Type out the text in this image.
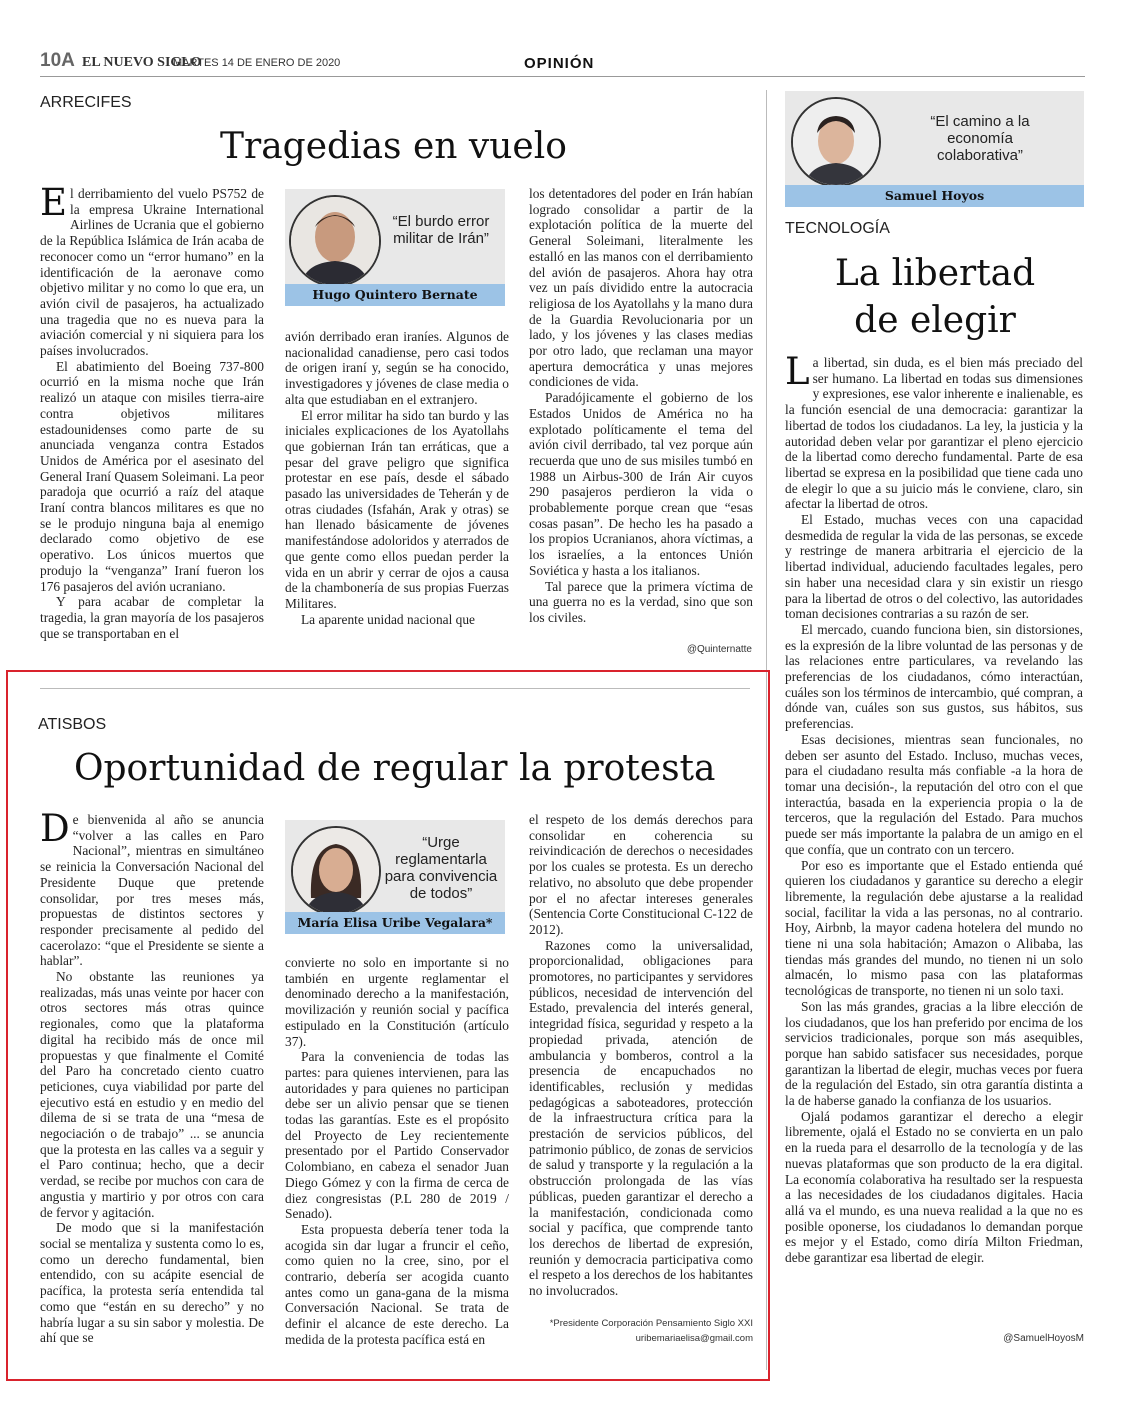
10A EL NUEVO SIGLO
MARTES 14 DE ENERO DE 2020	OPINIÓN
ARRECIFES
Tragedias en vuelo
“El burdo error militar de Irán”
Hugo Quintero Bernate

El derribamiento del vuelo PS752 de la empresa Ukraine International Airlines de Ucrania que el gobierno de la República Islámica de Irán acaba de reconocer como un “error humano” en la identificación de la aeronave como objetivo militar y no como lo que era, un avión civil de pasajeros, ha actualizado una tragedia que no es nueva para la aviación comercial y ni siquiera para los países involucrados.

El abatimiento del Boeing 737-800 ocurrió en la misma noche que Irán realizó un ataque con misiles tierra-aire contra objetivos militares estadounidenses como parte de su anunciada venganza contra Estados Unidos de América por el asesinato del General Iraní Quasem Soleimani. La peor paradoja que ocurrió a raíz del ataque Iraní contra blancos militares es que no se le produjo ninguna baja al enemigo declarado como objetivo de ese operativo. Los únicos muertos que produjo la “venganza” Iraní fueron los 176 pasajeros del avión ucraniano.

Y para acabar de completar la tragedia, la gran mayoría de los pasajeros que se transportaban en el

avión derribado eran iraníes. Algunos de nacionalidad canadiense, pero casi todos de origen iraní y, según se ha conocido, investigadores y jóvenes de clase media o alta que estudiaban en el extranjero.

El error militar ha sido tan burdo y las iniciales explicaciones de los Ayatollahs que gobiernan Irán tan erráticas, que a pesar del grave peligro que significa protestar en ese país, desde el sábado pasado las universidades de Teherán y de otras ciudades (Isfahán, Arak y otras) se han llenado básicamente de jóvenes manifestándose adoloridos y aterrados de que gente como ellos puedan perder la vida en un abrir y cerrar de ojos a causa de la chambonería de sus propias Fuerzas Militares.

La aparente unidad nacional que

los detentadores del poder en Irán habían logrado consolidar a partir de la explotación política de la muerte del General Soleimani, literalmente les estalló en las manos con el derribamiento del avión de pasajeros. Ahora hay otra vez un país dividido entre la autocracia religiosa de los Ayatollahs y la mano dura de la Guardia Revolucionaria por un lado, y los jóvenes y las clases medias por otro lado, que reclaman una mayor apertura democrática y unas mejores condiciones de vida.

Paradójicamente el gobierno de los Estados Unidos de América no ha explotado políticamente el tema del avión civil derribado, tal vez porque aún recuerda que uno de sus misiles tumbó en 1988 un Airbus-300 de Irán Air cuyos 290 pasajeros perdieron la vida o probablemente porque crean que “esas cosas pasan”. De hecho les ha pasado a los propios Ucranianos, ahora víctimas, a los israelíes, a la entonces Unión Soviética y hasta a los italianos.

Tal parece que la primera víctima de una guerra no es la verdad, sino que son los civiles.

@Quinternatte
ATISBOS
Oportunidad de regular la protesta
“Urge reglamentarla para convivencia de todos”
María Elisa Uribe Vegalara*

De bienvenida al año se anuncia “volver a las calles en Paro Nacional”, mientras en simultáneo se reinicia la Conversación Nacional del Presidente Duque que pretende consolidar, por tres meses más, propuestas de distintos sectores y responder precisamente al pedido del cacerolazo: “que el Presidente se siente a hablar”.

No obstante las reuniones ya realizadas, más unas veinte por hacer con otros sectores más otras quince regionales, como que la plataforma digital ha recibido más de once mil propuestas y que finalmente el Comité del Paro ha concretado ciento cuatro peticiones, cuya viabilidad por parte del ejecutivo está en estudio y en medio del dilema de si se trata de una “mesa de negociación o de trabajo” ... se anuncia que la protesta en las calles va a seguir y el Paro continua; hecho, que a decir verdad, se recibe por muchos con cara de angustia y martirio y por otros con cara de fervor y agitación.

De modo que si la manifestación social se mentaliza y sustenta como lo es, como un derecho fundamental, bien entendido, con su acápite esencial de pacífica, la protesta sería entendida tal como que “están en su derecho” y no habría lugar a su sin sabor y molestia. De ahí que se

convierte no solo en importante si no también en urgente reglamentar el denominado derecho a la manifestación, movilización y reunión social y pacífica estipulado en la Constitución (artículo 37).

Para la conveniencia de todas las partes: para quienes intervienen, para las autoridades y para quienes no participan debe ser un alivio pensar que se tienen todas las garantías. Este es el propósito del Proyecto de Ley recientemente presentado por el Partido Conservador Colombiano, en cabeza el senador Juan Diego Gómez y con la firma de cerca de diez congresistas (P.L 280 de 2019 / Senado).

Esta propuesta debería tener toda la acogida sin dar lugar a fruncir el ceño, como quien no la cree, sino, por el contrario, debería ser acogida cuanto antes como un gana-gana de la misma Conversación Nacional. Se trata de definir el alcance de este derecho. La medida de la protesta pacífica está en

el respeto de los demás derechos para consolidar en coherencia su reivindicación de derechos o necesidades por los cuales se protesta. Es un derecho relativo, no absoluto que debe propender por el no afectar intereses generales (Sentencia Corte Constitucional C-122 de 2012).

Razones como la universalidad, proporcionalidad, obligaciones para promotores, no participantes y servidores públicos, necesidad de intervención del Estado, prevalencia del interés general, integridad física, seguridad y respeto a la propiedad privada, atención de ambulancia y bomberos, control a la presencia de encapuchados no identificables, reclusión y medidas pedagógicas a saboteadores, protección de la infraestructura crítica para la prestación de servicios públicos, del patrimonio público, de zonas de servicios de salud y transporte y la regulación a la obstrucción prolongada de las vías públicas, pueden garantizar el derecho a la manifestación, condicionada como social y pacífica, que comprende tanto los derechos de libertad de expresión, reunión y democracia participativa como el respeto a los derechos de los habitantes no involucrados.

*Presidente Corporación Pensamiento Siglo XXI
uribemariaelisa@gmail.com
“El camino a la economía colaborativa”
Samuel Hoyos
TECNOLOGÍA
La libertad
de elegir

La libertad, sin duda, es el bien más preciado del ser humano. La libertad en todas sus dimensiones y expresiones, ese valor inherente e inalienable, es la función esencial de una democracia: garantizar la libertad de todos los ciudadanos. La ley, la justicia y la autoridad deben velar por garantizar el pleno ejercicio de la libertad como derecho fundamental. Parte de esa libertad se expresa en la posibilidad que tiene cada uno de elegir lo que a su juicio más le conviene, claro, sin afectar la libertad de otros.

El Estado, muchas veces con una capacidad desmedida de regular la vida de las personas, se excede y restringe de manera arbitraria el ejercicio de la libertad individual, aduciendo facultades legales, pero sin haber una necesidad clara y sin existir un riesgo para la libertad de otros o del colectivo, las autoridades toman decisiones contrarias a su razón de ser.

El mercado, cuando funciona bien, sin distorsiones, es la expresión de la libre voluntad de las personas y de las relaciones entre particulares, va revelando las preferencias de los ciudadanos, cómo interactúan, cuáles son los términos de intercambio, qué compran, a dónde van, cuáles son sus gustos, sus hábitos, sus preferencias.

Esas decisiones, mientras sean funcionales, no deben ser asunto del Estado. Incluso, muchas veces, para el ciudadano resulta más confiable -a la hora de tomar una decisión-, la reputación del otro con el que interactúa, basada en la experiencia propia o la de terceros, que la regulación del Estado. Para muchos puede ser más importante la palabra de un amigo en el que confía, que un contrato con un tercero.

Por eso es importante que el Estado entienda qué quieren los ciudadanos y garantice su derecho a elegir libremente, la regulación debe ajustarse a la realidad social, facilitar la vida a las personas, no al contrario. Hoy, Airbnb, la mayor cadena hotelera del mundo no tiene ni una sola habitación; Amazon o Alibaba, las tiendas más grandes del mundo, no tienen ni un solo almacén, lo mismo pasa con las plataformas tecnológicas de transporte, no tienen ni un solo taxi.

Son las más grandes, gracias a la libre elección de los ciudadanos, que los han preferido por encima de los servicios tradicionales, porque son más asequibles, porque han sabido satisfacer sus necesidades, porque garantizan la libertad de elegir, muchas veces por fuera de la regulación del Estado, sin otra garantía distinta a la de haberse ganado la confianza de los usuarios.

Ojalá podamos garantizar el derecho a elegir libremente, ojalá el Estado no se convierta en un palo en la rueda para el desarrollo de la tecnología y de las nuevas plataformas que son producto de la era digital. La economía colaborativa ha resultado ser la respuesta a las necesidades de los ciudadanos digitales. Hacia allá va el mundo, es una nueva realidad a la que no es posible oponerse, los ciudadanos lo demandan porque es mejor y el Estado, como diría Milton Friedman, debe garantizar esa libertad de elegir.

@SamuelHoyosM
